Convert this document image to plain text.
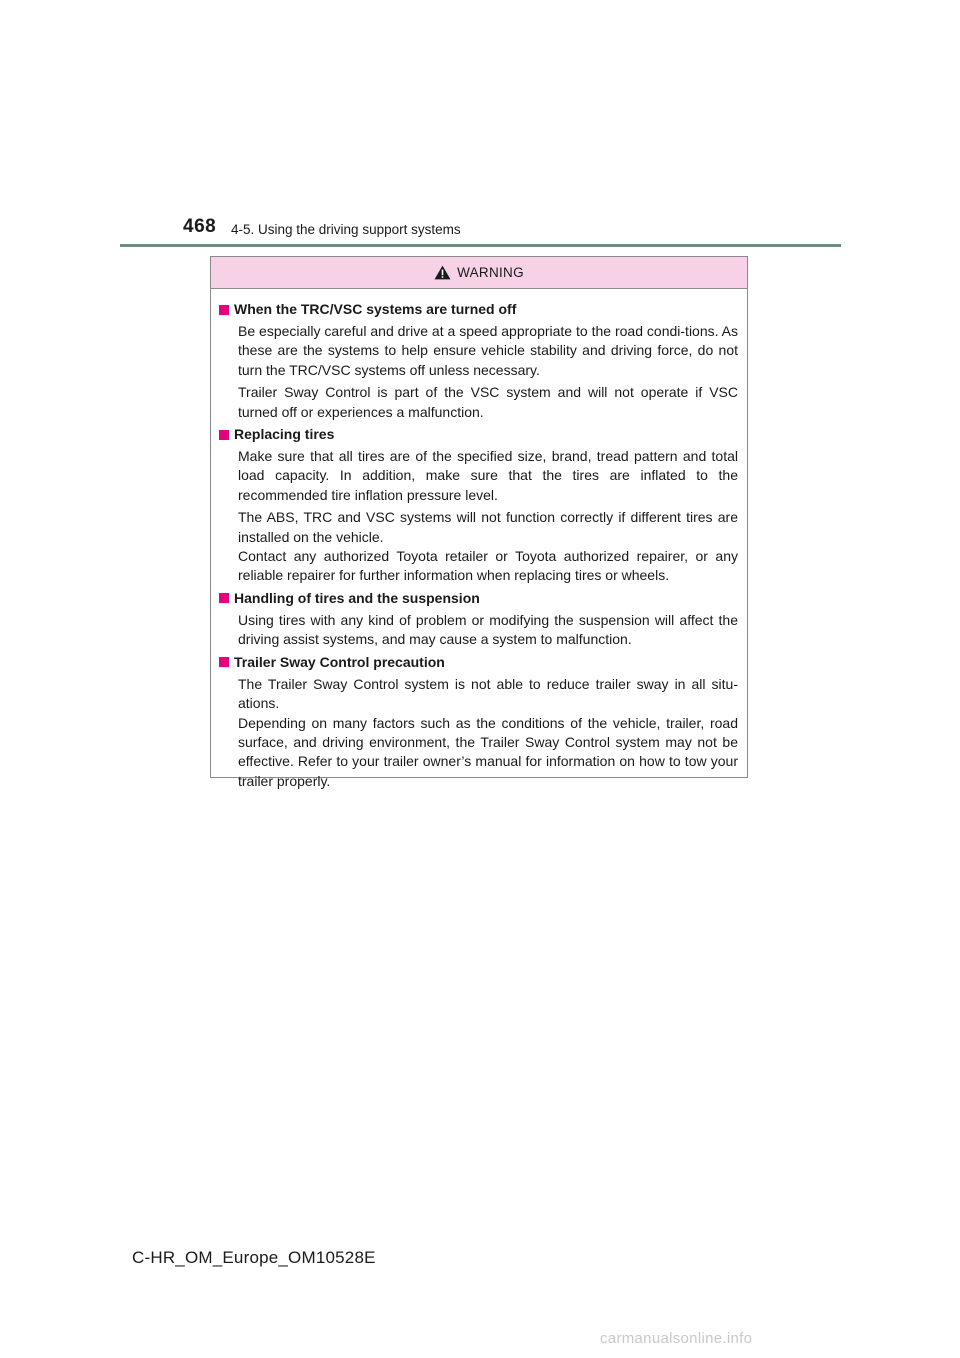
468 4-5. Using the driving support systems
WARNING
When the TRC/VSC systems are turned off

Be especially careful and drive at a speed appropriate to the road condi-tions. As these are the systems to help ensure vehicle stability and driving force, do not turn the TRC/VSC systems off unless necessary.

Trailer Sway Control is part of the VSC system and will not operate if VSC turned off or experiences a malfunction.

Replacing tires

Make sure that all tires are of the specified size, brand, tread pattern and total load capacity. In addition, make sure that the tires are inflated to the recommended tire inflation pressure level.

The ABS, TRC and VSC systems will not function correctly if different tires are installed on the vehicle.

Contact any authorized Toyota retailer or Toyota authorized repairer, or any reliable repairer for further information when replacing tires or wheels.

Handling of tires and the suspension

Using tires with any kind of problem or modifying the suspension will affect the driving assist systems, and may cause a system to malfunction.

Trailer Sway Control precaution

The Trailer Sway Control system is not able to reduce trailer sway in all situ-ations.

Depending on many factors such as the conditions of the vehicle, trailer, road surface, and driving environment, the Trailer Sway Control system may not be effective. Refer to your trailer owner’s manual for information on how to tow your trailer properly.

C-HR_OM_Europe_OM10528E
carmanualsonline.info
